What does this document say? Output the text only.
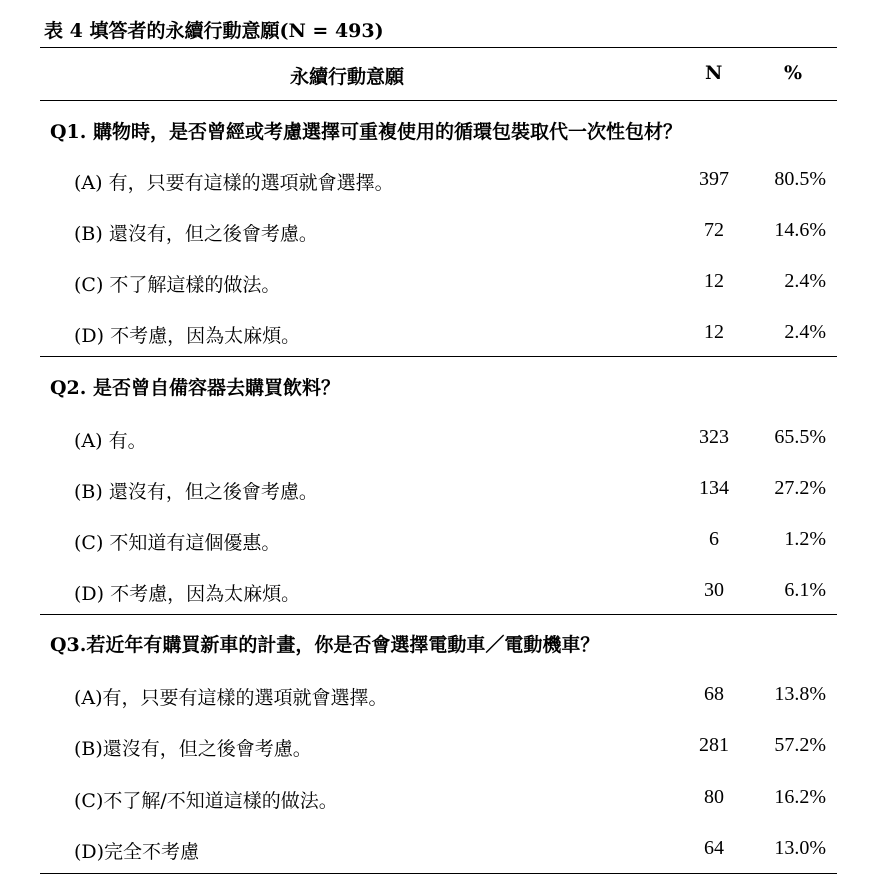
表 4 填答者的永續行動意願(N = 493)
永續行動意願	N	%
Q1. 購物時，是否曾經或考慮選擇可重複使用的循環包裝取代一次性包材？
(A) 有，只要有這樣的選項就會選擇。	397	80.5%
(B) 還沒有，但之後會考慮。	72	14.6%
(C) 不了解這樣的做法。	12	2.4%
(D) 不考慮，因為太麻煩。	12	2.4%
Q2. 是否曾自備容器去購買飲料？
(A) 有。	323	65.5%
(B) 還沒有，但之後會考慮。	134	27.2%
(C) 不知道有這個優惠。	6	1.2%
(D) 不考慮，因為太麻煩。	30	6.1%
Q3.若近年有購買新車的計畫，你是否會選擇電動車／電動機車？
(A)有，只要有這樣的選項就會選擇。	68	13.8%
(B)還沒有，但之後會考慮。	281	57.2%
(C)不了解/不知道這樣的做法。	80	16.2%
(D)完全不考慮	64	13.0%
